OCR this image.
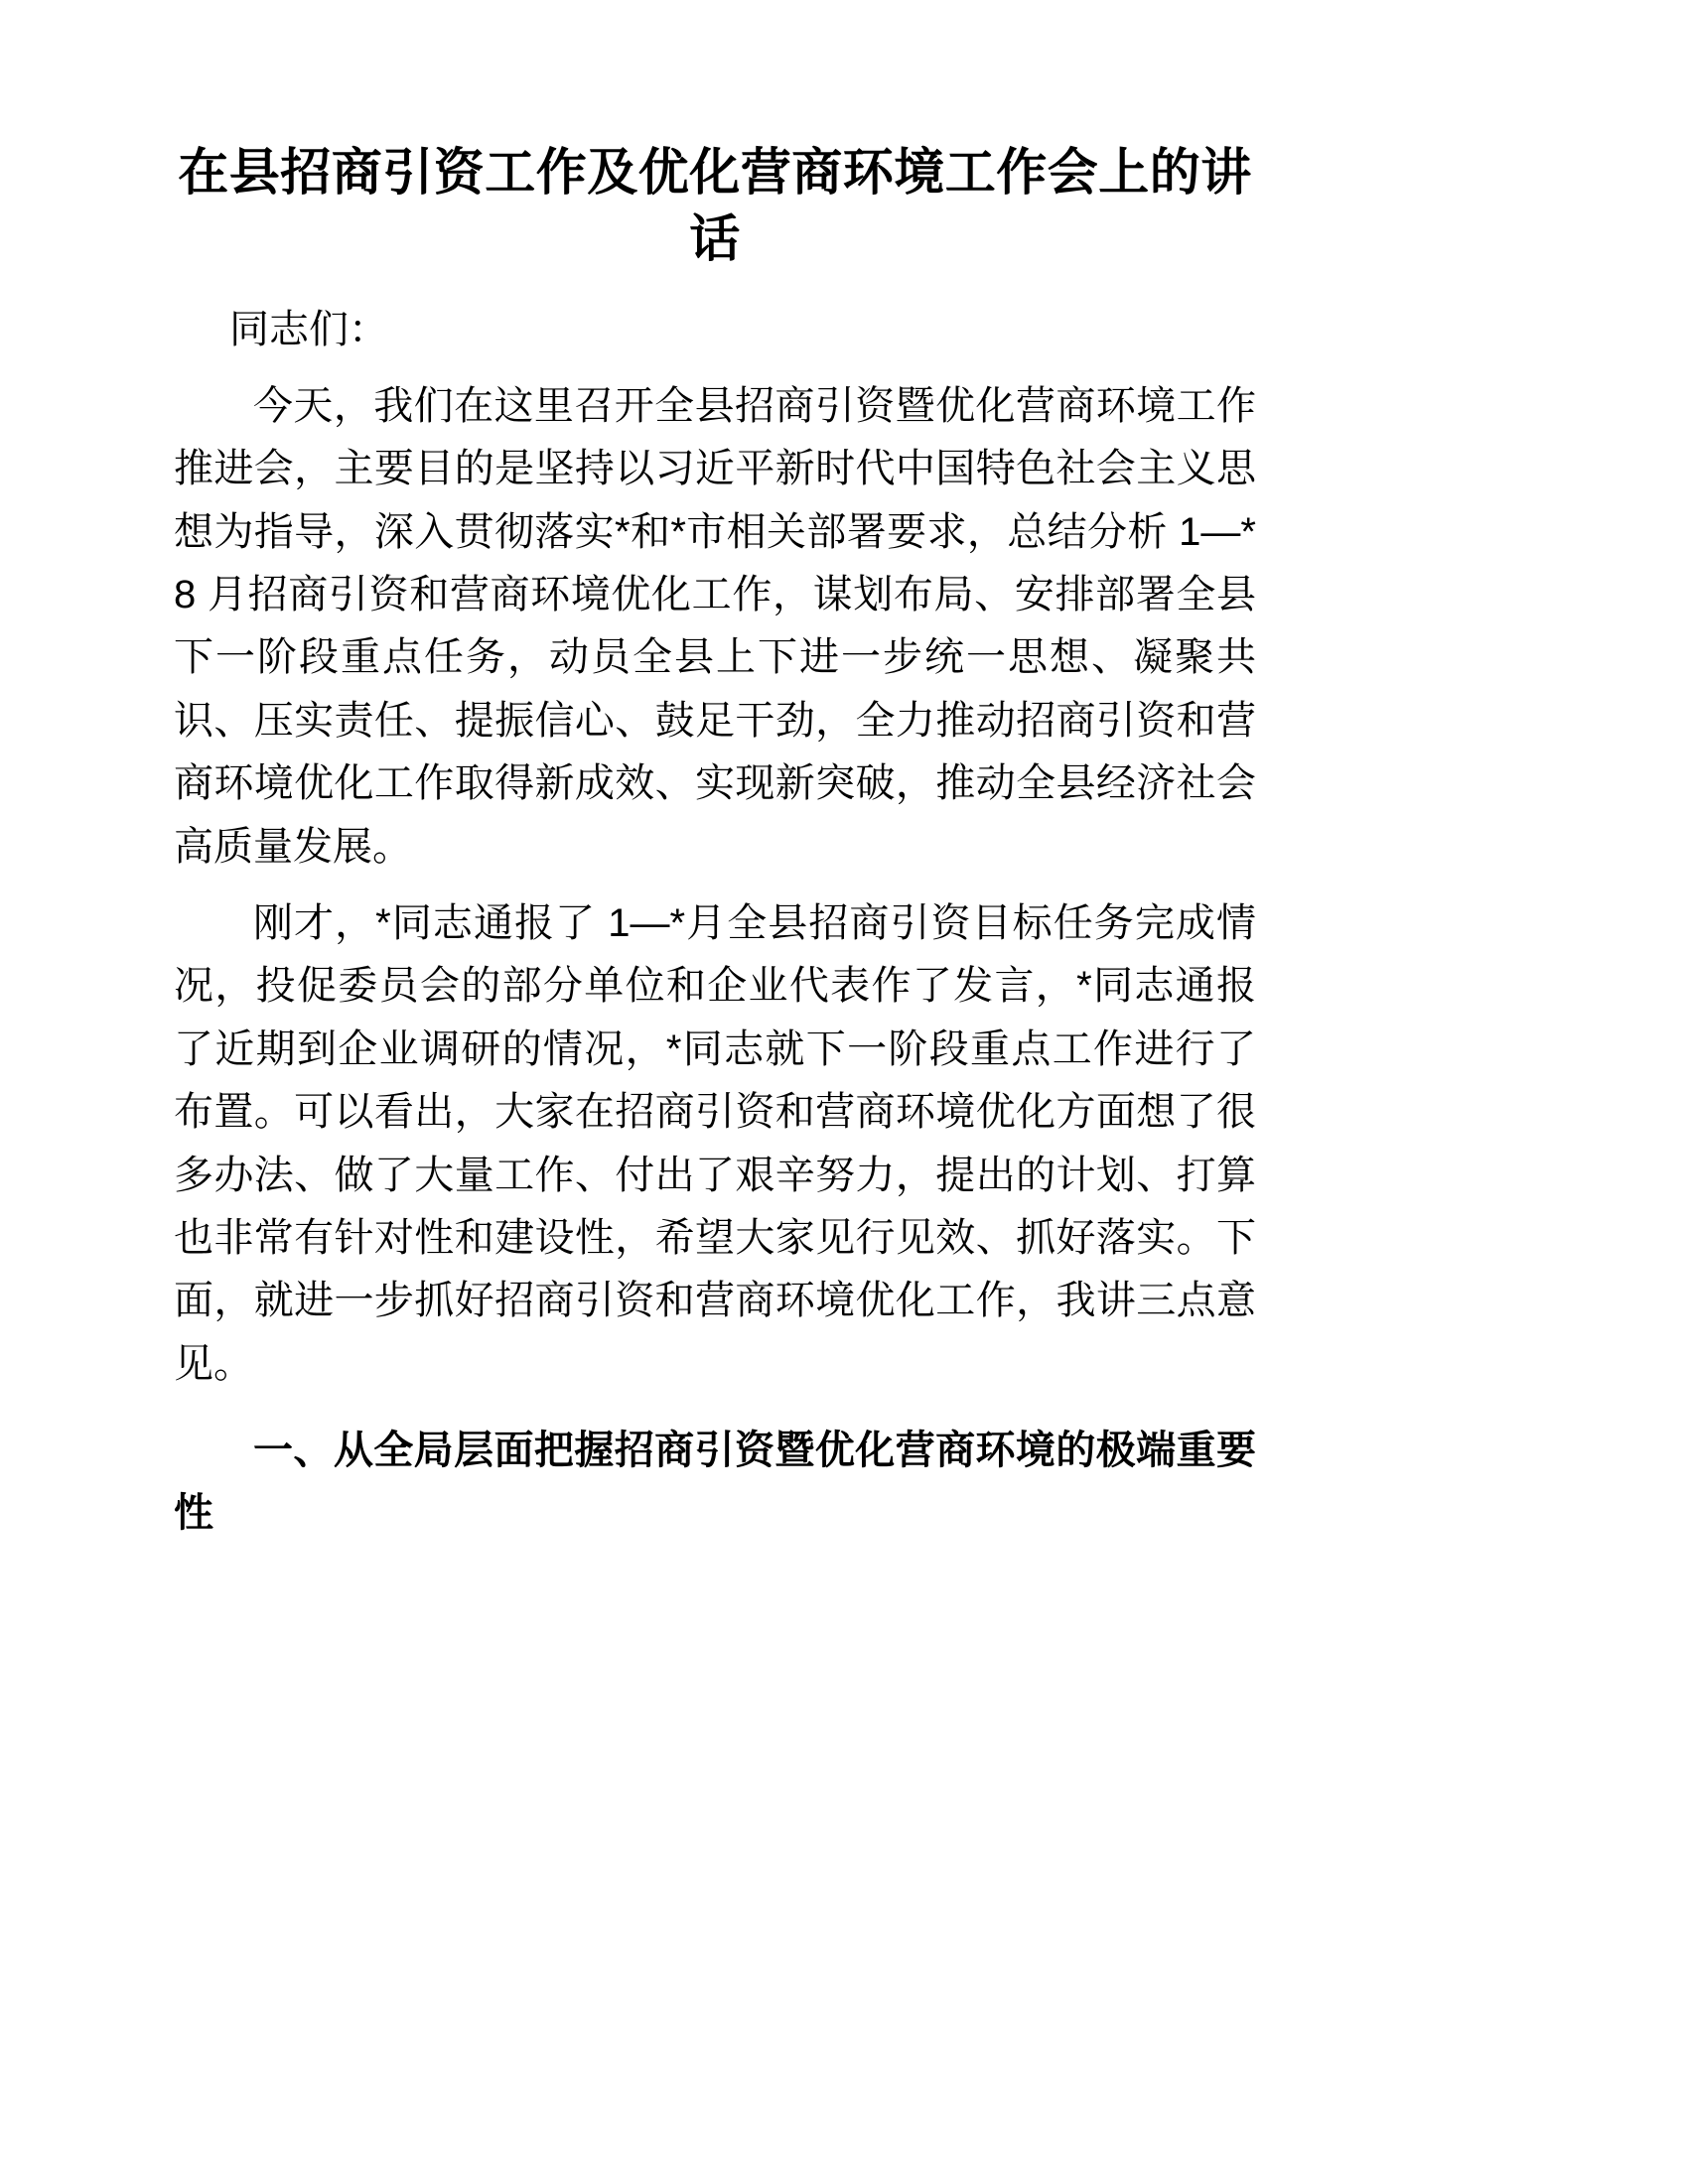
在县招商引资工作及优化营商环境工作会上的讲话

同志们：

今天，我们在这里召开全县招商引资暨优化营商环境工作推进会，主要目的是坚持以习近平新时代中国特色社会主义思想为指导，深入贯彻落实*和*市相关部署要求，总结分析 1—*8 月招商引资和营商环境优化工作，谋划布局、安排部署全县下一阶段重点任务，动员全县上下进一步统一思想、凝聚共识、压实责任、提振信心、鼓足干劲，全力推动招商引资和营商环境优化工作取得新成效、实现新突破，推动全县经济社会高质量发展。

刚才，*同志通报了 1—*月全县招商引资目标任务完成情况，投促委员会的部分单位和企业代表作了发言，*同志通报了近期到企业调研的情况，*同志就下一阶段重点工作进行了布置。可以看出，大家在招商引资和营商环境优化方面想了很多办法、做了大量工作、付出了艰辛努力，提出的计划、打算也非常有针对性和建设性，希望大家见行见效、抓好落实。下面，就进一步抓好招商引资和营商环境优化工作，我讲三点意见。

一、从全局层面把握招商引资暨优化营商环境的极端重要性
